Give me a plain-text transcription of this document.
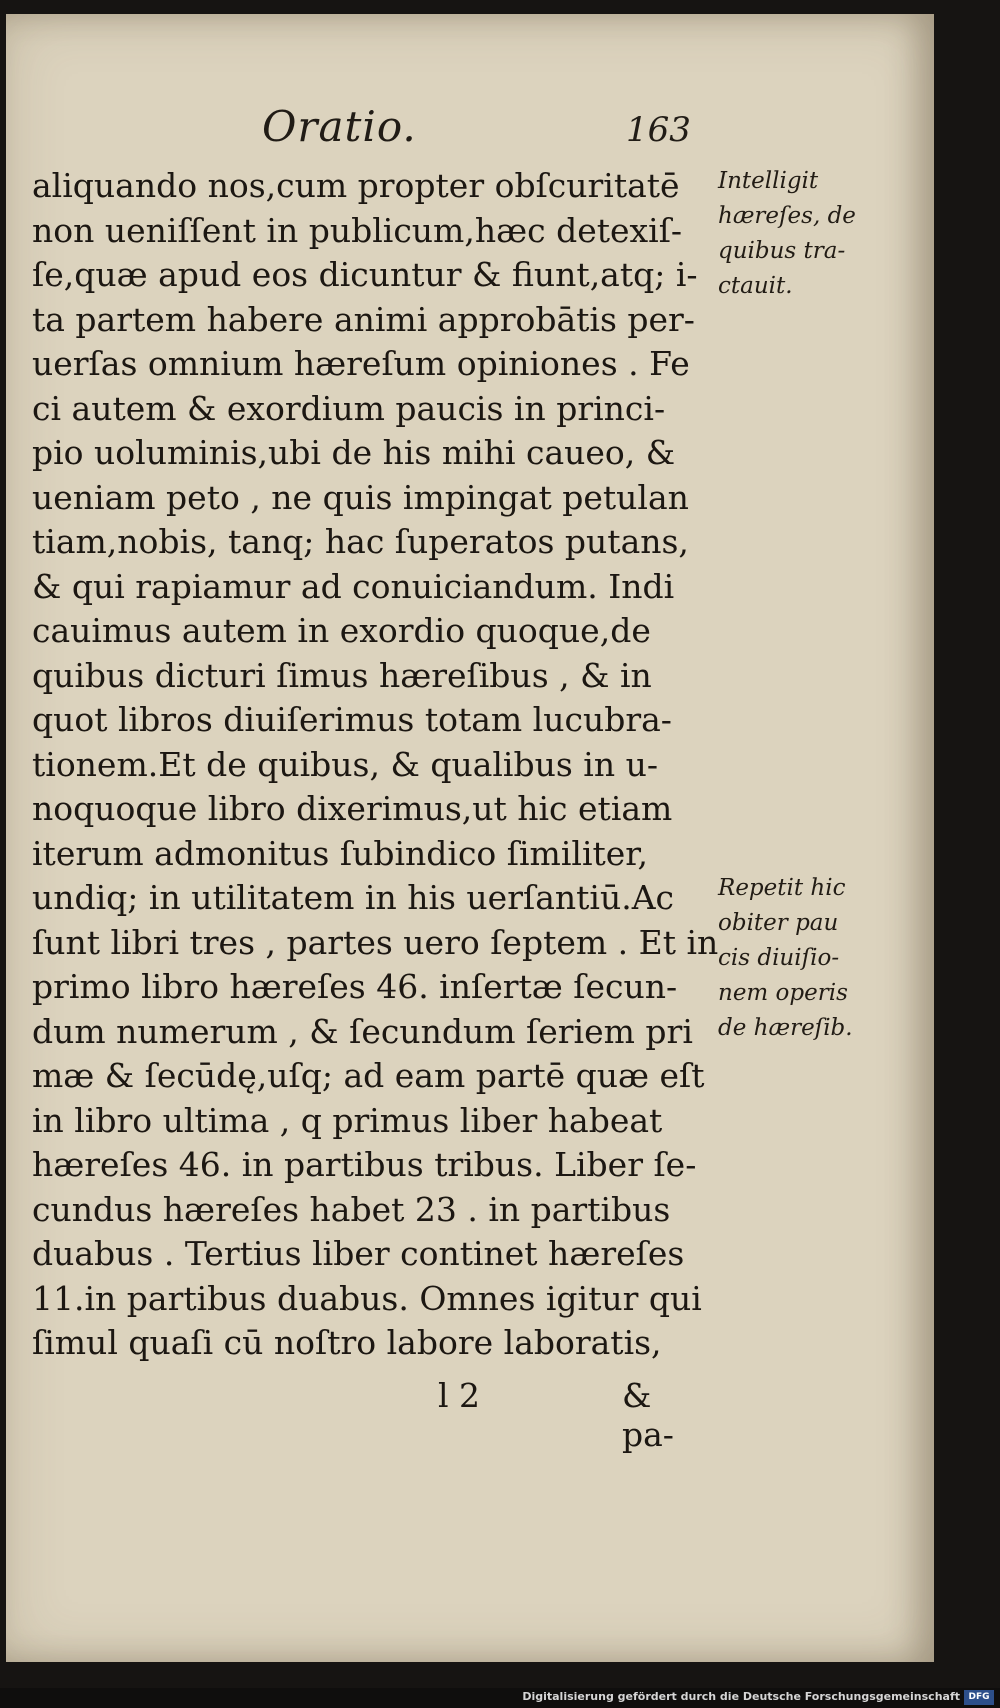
Oratio.	163
aliquando nos,cum propter obſcuritatē
non ueniſſent in publicum,hæc detexiſ-
ſe,quæ apud eos dicuntur & fiunt,atq; i-
ta partem habere animi approbātis per-
uerſas omnium hæreſum opiniones . Fe
ci autem & exordium paucis in princi-
pio uoluminis,ubi de his mihi caueo, &
ueniam peto , ne quis impingat petulan
tiam,nobis, tanq; hac ſuperatos putans,
& qui rapiamur ad conuiciandum. Indi
cauimus autem in exordio quoque,de
quibus dicturi ſimus hæreſibus , & in
quot libros diuiſerimus totam lucubra-
tionem.Et de quibus, & qualibus in u-
noquoque libro dixerimus,ut hic etiam
iterum admonitus ſubindico ſimiliter,
undiq; in utilitatem in his uerſantiū.Ac
ſunt libri tres , partes uero ſeptem . Et in
primo libro hæreſes 46. inſertæ ſecun-
dum numerum , & ſecundum ſeriem pri
mæ & ſecūdę,uſq; ad eam partē quæ eſt
in libro ultima , q primus liber habeat
hæreſes 46. in partibus tribus. Liber ſe-
cundus hæreſes habet 23 . in partibus
duabus . Tertius liber continet hæreſes
11.in partibus duabus. Omnes igitur qui
ſimul quaſi cū noſtro labore laboratis,
l 2	& pa-
Intelligit
hæreſes, de
quibus tra-
ctauit.
Repetit hic
obiter pau
cis diuiſio-
nem operis
de hæreſib.
Digitalisierung gefördert durch die Deutsche Forschungsgemeinschaft DFG
